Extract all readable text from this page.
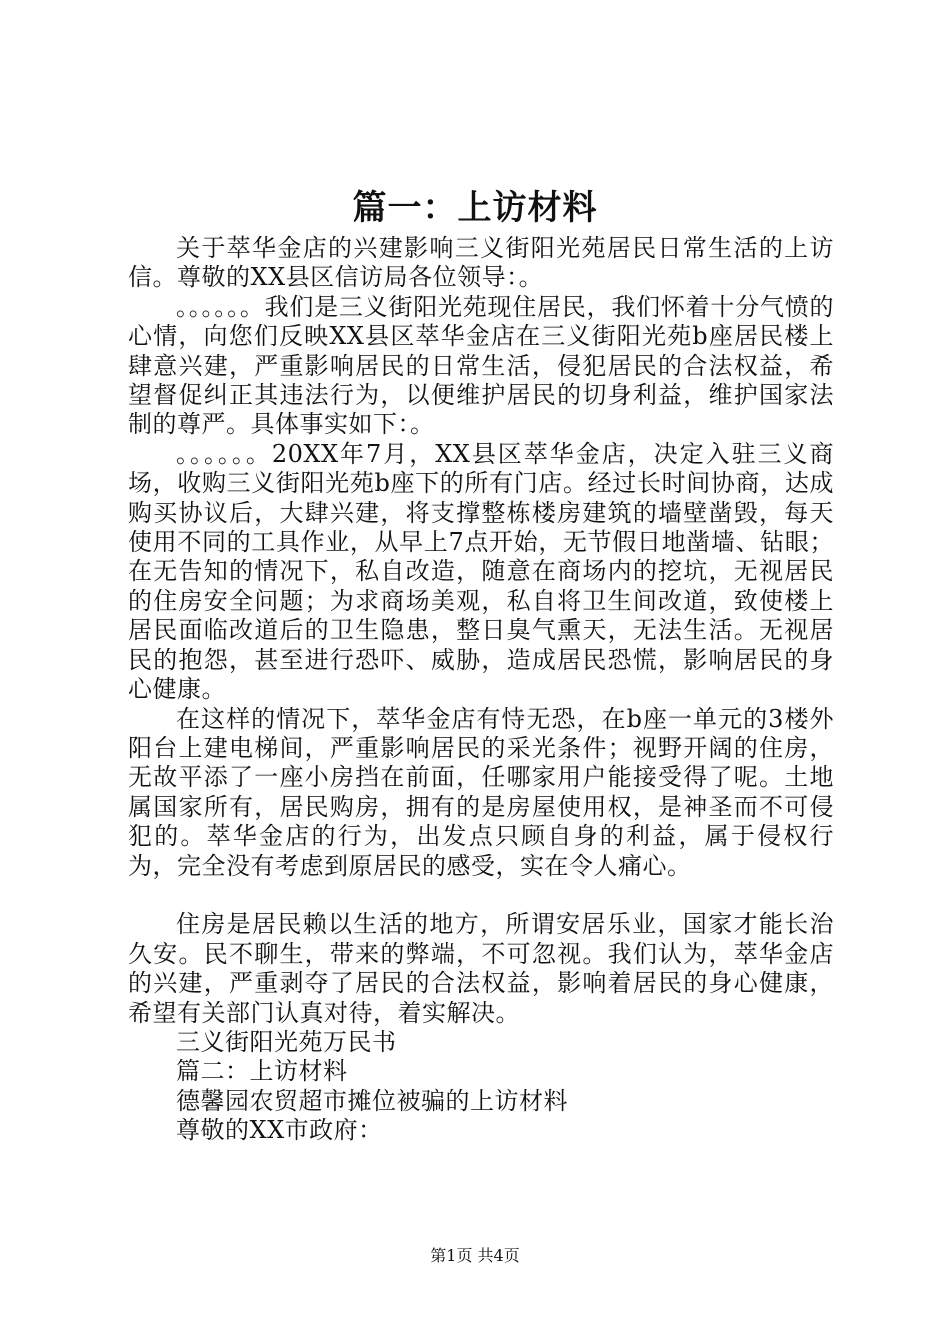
篇一：上访材料

关于萃华金店的兴建影响三义街阳光苑居民日常生活的上访信。尊敬的XX县区信访局各位领导：。

。。。。。。我们是三义街阳光苑现住居民，我们怀着十分气愤的心情，向您们反映XX县区萃华金店在三义街阳光苑b座居民楼上肆意兴建，严重影响居民的日常生活，侵犯居民的合法权益，希望督促纠正其违法行为，以便维护居民的切身利益，维护国家法制的尊严。具体事实如下：。

。。。。。。20XX年7月，XX县区萃华金店，决定入驻三义商场，收购三义街阳光苑b座下的所有门店。经过长时间协商，达成购买协议后，大肆兴建，将支撑整栋楼房建筑的墙壁凿毁，每天使用不同的工具作业，从早上7点开始，无节假日地凿墙、钻眼；在无告知的情况下，私自改造，随意在商场内的挖坑，无视居民的住房安全问题；为求商场美观，私自将卫生间改道，致使楼上居民面临改道后的卫生隐患，整日臭气熏天，无法生活。无视居民的抱怨，甚至进行恐吓、威胁，造成居民恐慌，影响居民的身心健康。

在这样的情况下，萃华金店有恃无恐，在b座一单元的3楼外阳台上建电梯间，严重影响居民的采光条件；视野开阔的住房，无故平添了一座小房挡在前面，任哪家用户能接受得了呢。土地属国家所有，居民购房，拥有的是房屋使用权，是神圣而不可侵犯的。萃华金店的行为，出发点只顾自身的利益，属于侵权行为，完全没有考虑到原居民的感受，实在令人痛心。

住房是居民赖以生活的地方，所谓安居乐业，国家才能长治久安。民不聊生，带来的弊端，不可忽视。我们认为，萃华金店的兴建，严重剥夺了居民的合法权益，影响着居民的身心健康，希望有关部门认真对待，着实解决。

三义街阳光苑万民书

篇二：上访材料

德馨园农贸超市摊位被骗的上访材料

尊敬的XX市政府：

第1页 共4页
